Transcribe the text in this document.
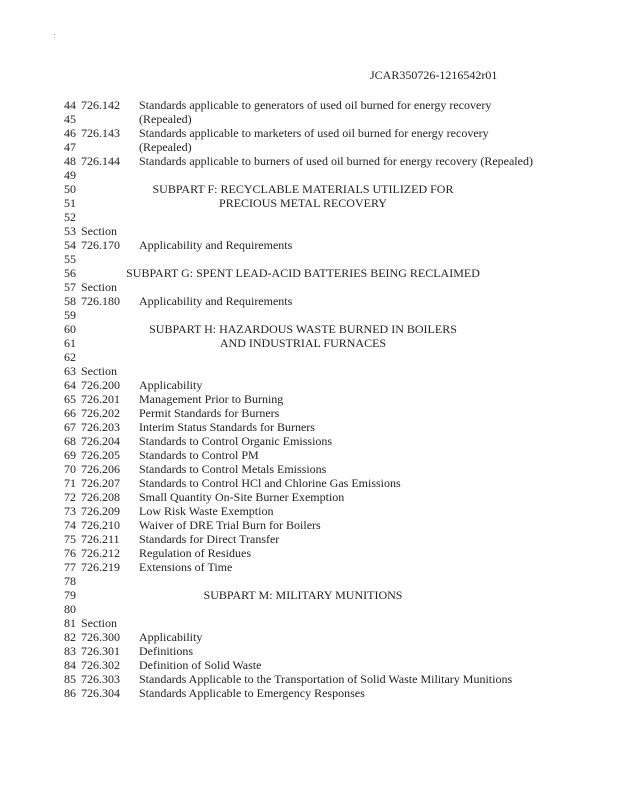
JCAR350726-1216542r01
44 726.142 Standards applicable to generators of used oil burned for energy recovery
45	(Repealed)
46 726.143 Standards applicable to marketers of used oil burned for energy recovery
47	(Repealed)
48 726.144 Standards applicable to burners of used oil burned for energy recovery (Repealed)
49
50	SUBPART F: RECYCLABLE MATERIALS UTILIZED FOR
51	PRECIOUS METAL RECOVERY
52
53 Section
54 726.170 Applicability and Requirements
55
56	SUBPART G: SPENT LEAD-ACID BATTERIES BEING RECLAIMED
57 Section
58 726.180 Applicability and Requirements
59
60	SUBPART H: HAZARDOUS WASTE BURNED IN BOILERS
61	AND INDUSTRIAL FURNACES
62
63 Section
64 726.200 Applicability
65 726.201 Management Prior to Burning
66 726.202 Permit Standards for Burners
67 726.203 Interim Status Standards for Burners
68 726.204 Standards to Control Organic Emissions
69 726.205 Standards to Control PM
70 726.206 Standards to Control Metals Emissions
71 726.207 Standards to Control HCl and Chlorine Gas Emissions
72 726.208 Small Quantity On-Site Burner Exemption
73 726.209 Low Risk Waste Exemption
74 726.210 Waiver of DRE Trial Burn for Boilers
75 726.211 Standards for Direct Transfer
76 726.212 Regulation of Residues
77 726.219 Extensions of Time
78
79	SUBPART M: MILITARY MUNITIONS
80
81 Section
82 726.300 Applicability
83 726.301 Definitions
84 726.302 Definition of Solid Waste
85 726.303 Standards Applicable to the Transportation of Solid Waste Military Munitions
86 726.304 Standards Applicable to Emergency Responses
